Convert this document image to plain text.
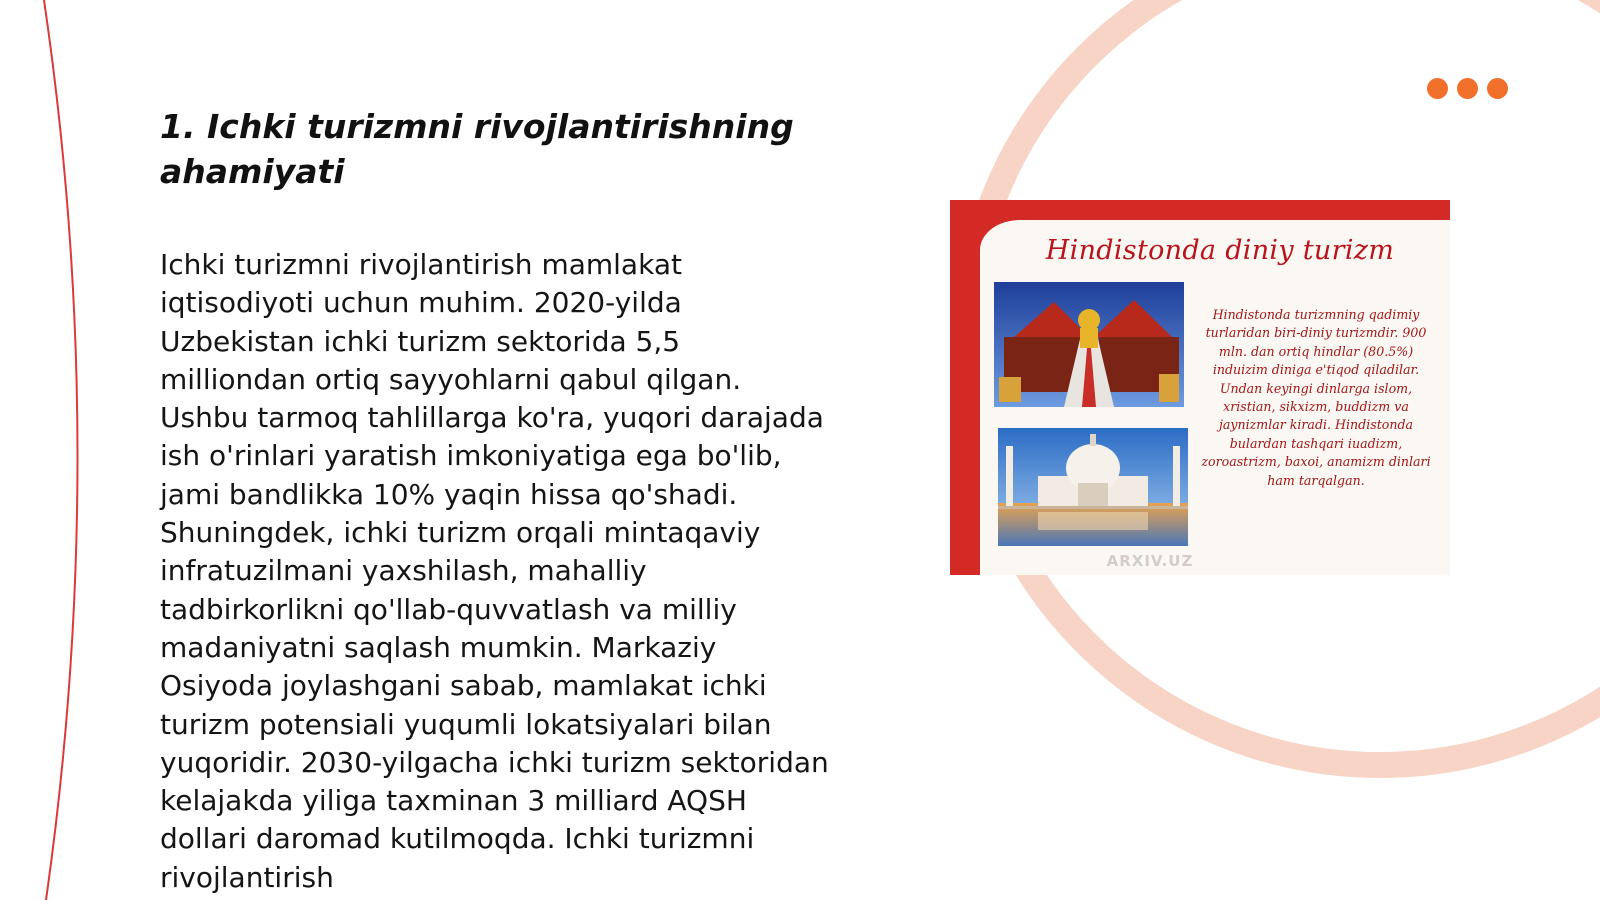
1. Ichki turizmni rivojlantirishning ahamiyati

Ichki turizmni rivojlantirish mamlakat iqtisodiyoti uchun muhim. 2020-yilda Uzbekistan ichki turizm sektorida 5,5 milliondan ortiq sayyohlarni qabul qilgan. Ushbu tarmoq tahlillarga ko'ra, yuqori darajada ish o'rinlari yaratish imkoniyatiga ega bo'lib, jami bandlikka 10% yaqin hissa qo'shadi. Shuningdek, ichki turizm orqali mintaqaviy infratuzilmani yaxshilash, mahalliy tadbirkorlikni qo'llab-quvvatlash va milliy madaniyatni saqlash mumkin. Markaziy Osiyoda joylashgani sabab, mamlakat ichki turizm potensiali yuqumli lokatsiyalari bilan yuqoridir. 2030-yilgacha ichki turizm sektoridan kelajakda yiliga taxminan 3 milliard AQSH dollari daromad kutilmoqda. Ichki turizmni rivojlantirish

Hindistonda diniy turizm
Hindistonda turizmning qadimiy turlaridan biri-diniy turizmdir. 900 mln. dan ortiq hindlar (80.5%) induizim diniga e'tiqod qiladilar. Undan keyingi dinlarga islom, xristian, sikxizm, buddizm va jaynizmlar kiradi. Hindistonda bulardan tashqari iuadizm, zoroastrizm, baxoi, anamizm dinlari ham tarqalgan.
ARXIV.UZ
